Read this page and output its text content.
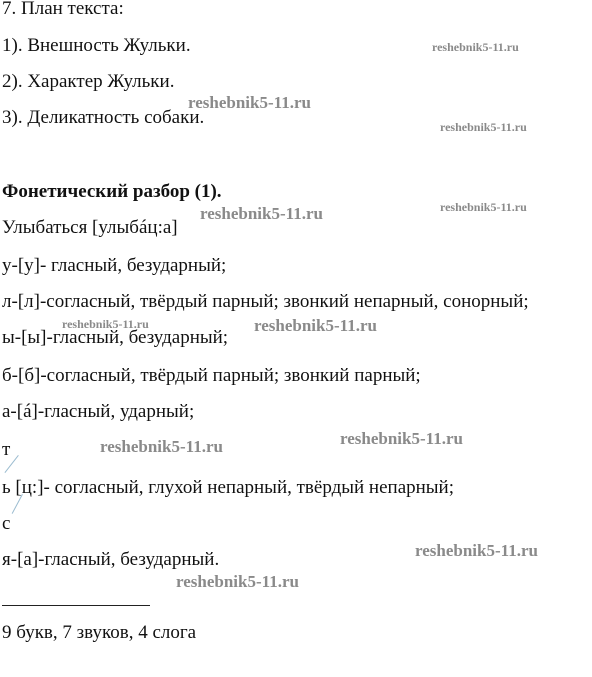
7. План текста:
1). Внешность Жульки.
2). Характер Жульки.
3). Деликатность собаки.
Фонетический разбор (1).
Улыбаться [улыбáц:а]
у-[у]- гласный, безударный;
л-[л]-согласный, твёрдый парный; звонкий непарный, сонорный;
ы-[ы]-гласный, безударный;
б-[б]-согласный, твёрдый парный; звонкий парный;
а-[á]-гласный, ударный;
т
ь [ц:]- согласный, глухой непарный, твёрдый непарный;
с
я-[а]-гласный, безударный.
9 букв, 7 звуков, 4 слога
reshebnik5-11.ru
reshebnik5-11.ru
reshebnik5-11.ru
reshebnik5-11.ru	reshebnik5-11.ru
reshebnik5-11.ru	reshebnik5-11.ru
reshebnik5-11.ru	reshebnik5-11.ru
reshebnik5-11.ru
reshebnik5-11.ru
